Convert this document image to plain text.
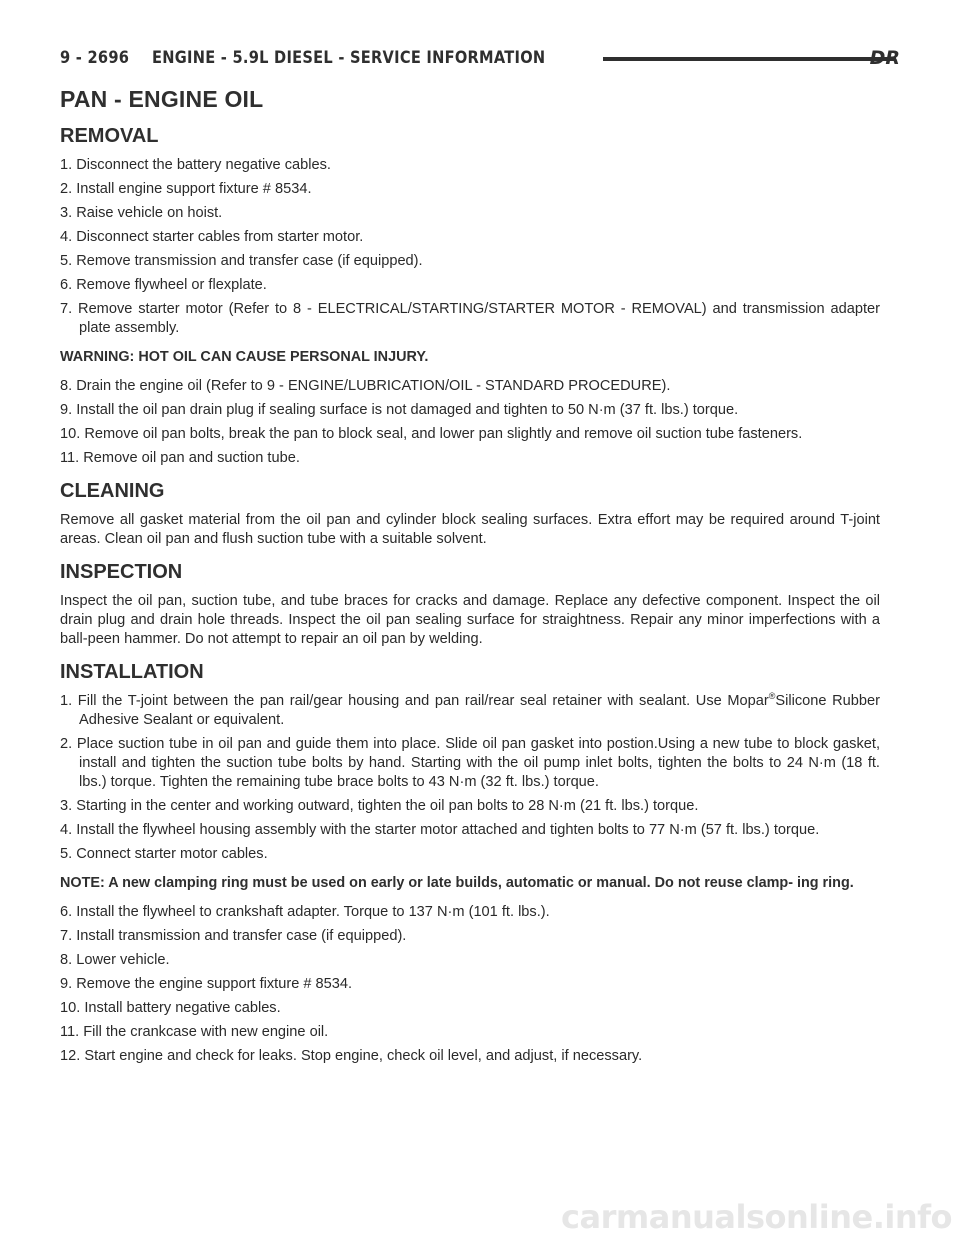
9 - 2696 ENGINE - 5.9L DIESEL - SERVICE INFORMATION	DR
PAN - ENGINE OIL
REMOVAL
1. Disconnect the battery negative cables.
2. Install engine support fixture # 8534.
3. Raise vehicle on hoist.
4. Disconnect starter cables from starter motor.
5. Remove transmission and transfer case (if equipped).
6. Remove flywheel or flexplate.
7. Remove starter motor (Refer to 8 - ELECTRICAL/STARTING/STARTER MOTOR - REMOVAL) and transmission adapter plate assembly.
WARNING: HOT OIL CAN CAUSE PERSONAL INJURY.
8. Drain the engine oil (Refer to 9 - ENGINE/LUBRICATION/OIL - STANDARD PROCEDURE).
9. Install the oil pan drain plug if sealing surface is not damaged and tighten to 50 N·m (37 ft. lbs.) torque.
10. Remove oil pan bolts, break the pan to block seal, and lower pan slightly and remove oil suction tube fasteners.
11. Remove oil pan and suction tube.
CLEANING
Remove all gasket material from the oil pan and cylinder block sealing surfaces. Extra effort may be required around T-joint areas. Clean oil pan and flush suction tube with a suitable solvent.
INSPECTION
Inspect the oil pan, suction tube, and tube braces for cracks and damage. Replace any defective component. Inspect the oil drain plug and drain hole threads. Inspect the oil pan sealing surface for straightness. Repair any minor imperfections with a ball-peen hammer. Do not attempt to repair an oil pan by welding.
INSTALLATION
1. Fill the T-joint between the pan rail/gear housing and pan rail/rear seal retainer with sealant. Use Mopar®Silicone Rubber Adhesive Sealant or equivalent.
2. Place suction tube in oil pan and guide them into place. Slide oil pan gasket into postion.Using a new tube to block gasket, install and tighten the suction tube bolts by hand. Starting with the oil pump inlet bolts, tighten the bolts to 24 N·m (18 ft. lbs.) torque. Tighten the remaining tube brace bolts to 43 N·m (32 ft. lbs.) torque.
3. Starting in the center and working outward, tighten the oil pan bolts to 28 N·m (21 ft. lbs.) torque.
4. Install the flywheel housing assembly with the starter motor attached and tighten bolts to 77 N·m (57 ft. lbs.) torque.
5. Connect starter motor cables.
NOTE: A new clamping ring must be used on early or late builds, automatic or manual. Do not reuse clamp- ing ring.
6. Install the flywheel to crankshaft adapter. Torque to 137 N·m (101 ft. lbs.).
7. Install transmission and transfer case (if equipped).
8. Lower vehicle.
9. Remove the engine support fixture # 8534.
10. Install battery negative cables.
11. Fill the crankcase with new engine oil.
12. Start engine and check for leaks. Stop engine, check oil level, and adjust, if necessary.
carmanualsonline.info
